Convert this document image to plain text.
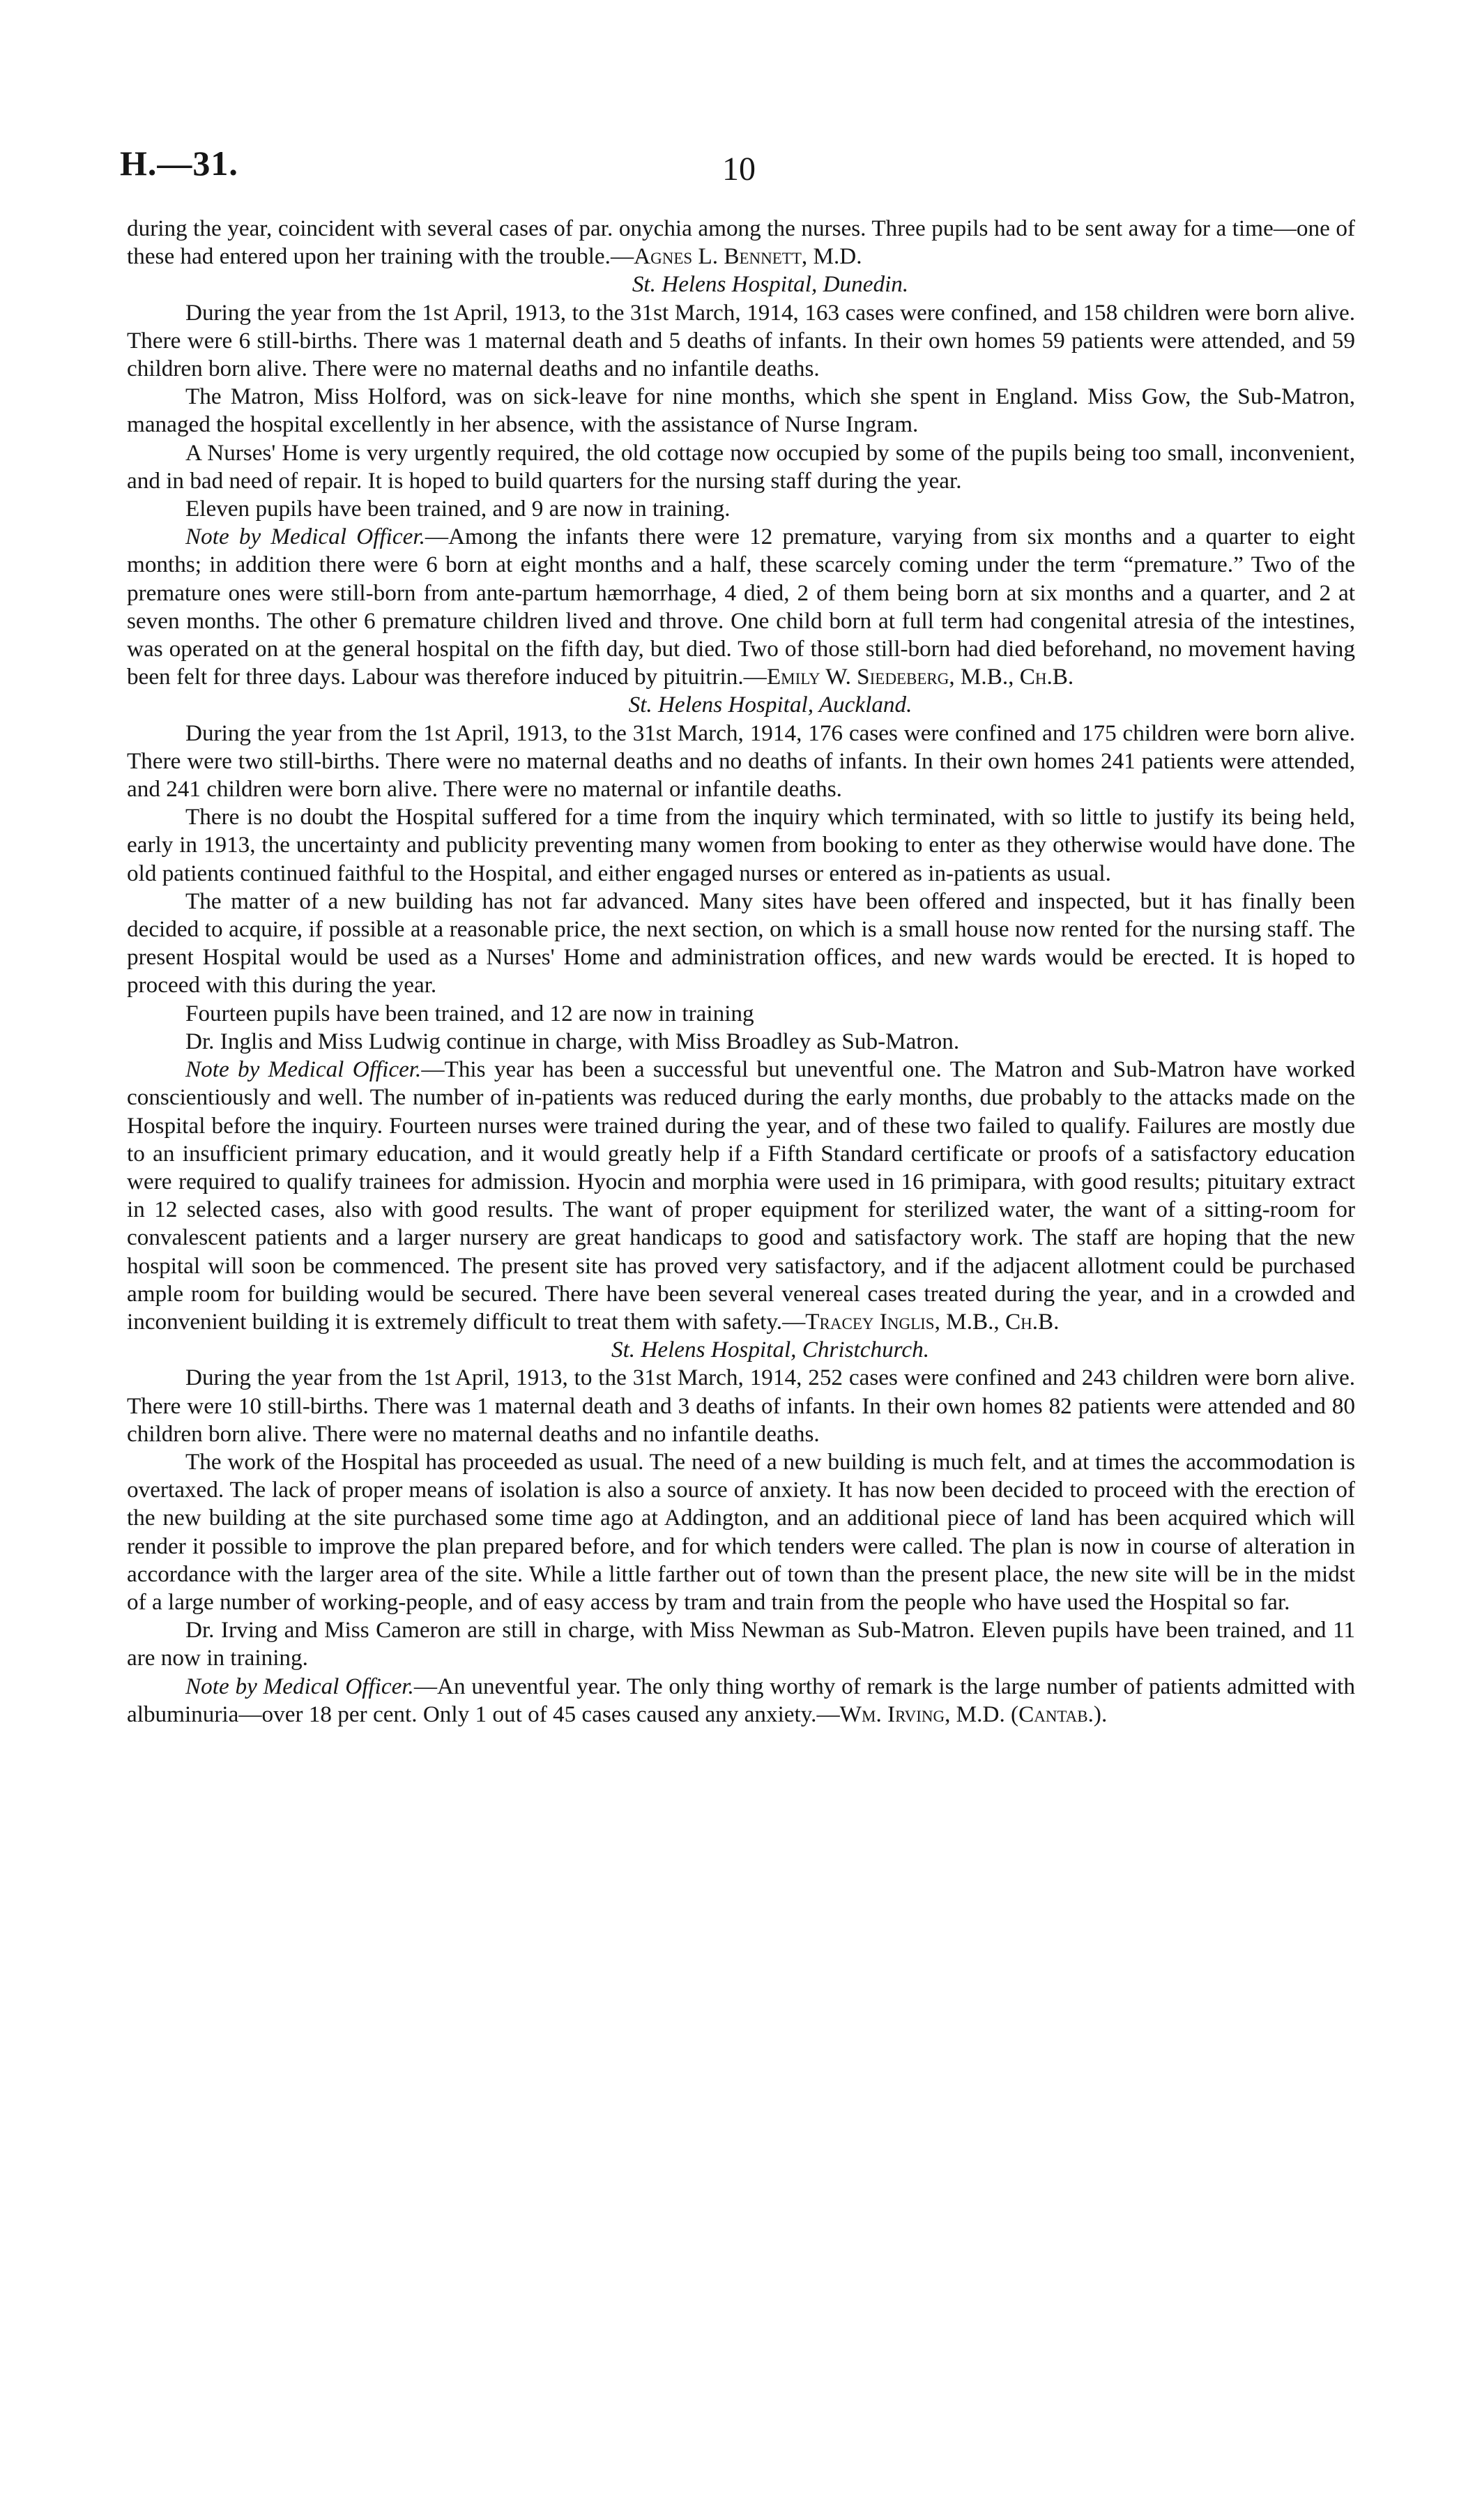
H.—31.	10

during the year, coincident with several cases of par. onychia among the nurses. Three pupils had to be sent away for a time—one of these had entered upon her training with the trouble.—Agnes L. Bennett, M.D.

St. Helens Hospital, Dunedin.

During the year from the 1st April, 1913, to the 31st March, 1914, 163 cases were confined, and 158 children were born alive. There were 6 still-births. There was 1 maternal death and 5 deaths of infants. In their own homes 59 patients were attended, and 59 children born alive. There were no maternal deaths and no infantile deaths.

The Matron, Miss Holford, was on sick-leave for nine months, which she spent in England. Miss Gow, the Sub-Matron, managed the hospital excellently in her absence, with the assistance of Nurse Ingram.

A Nurses' Home is very urgently required, the old cottage now occupied by some of the pupils being too small, inconvenient, and in bad need of repair. It is hoped to build quarters for the nursing staff during the year.

Eleven pupils have been trained, and 9 are now in training.

Note by Medical Officer.—Among the infants there were 12 premature, varying from six months and a quarter to eight months; in addition there were 6 born at eight months and a half, these scarcely coming under the term “premature.” Two of the premature ones were still-born from ante-partum hæmorrhage, 4 died, 2 of them being born at six months and a quarter, and 2 at seven months. The other 6 premature children lived and throve. One child born at full term had congenital atresia of the intestines, was operated on at the general hospital on the fifth day, but died. Two of those still-born had died beforehand, no movement having been felt for three days. Labour was therefore induced by pituitrin.—Emily W. Siedeberg, M.B., Ch.B.

St. Helens Hospital, Auckland.

During the year from the 1st April, 1913, to the 31st March, 1914, 176 cases were confined and 175 children were born alive. There were two still-births. There were no maternal deaths and no deaths of infants. In their own homes 241 patients were attended, and 241 children were born alive. There were no maternal or infantile deaths.

There is no doubt the Hospital suffered for a time from the inquiry which terminated, with so little to justify its being held, early in 1913, the uncertainty and publicity preventing many women from booking to enter as they otherwise would have done. The old patients continued faithful to the Hospital, and either engaged nurses or entered as in-patients as usual.

The matter of a new building has not far advanced. Many sites have been offered and inspected, but it has finally been decided to acquire, if possible at a reasonable price, the next section, on which is a small house now rented for the nursing staff. The present Hospital would be used as a Nurses' Home and administration offices, and new wards would be erected. It is hoped to proceed with this during the year.

Fourteen pupils have been trained, and 12 are now in training

Dr. Inglis and Miss Ludwig continue in charge, with Miss Broadley as Sub-Matron.

Note by Medical Officer.—This year has been a successful but uneventful one. The Matron and Sub-Matron have worked conscientiously and well. The number of in-patients was reduced during the early months, due probably to the attacks made on the Hospital before the inquiry. Fourteen nurses were trained during the year, and of these two failed to qualify. Failures are mostly due to an insufficient primary education, and it would greatly help if a Fifth Standard certificate or proofs of a satisfactory education were required to qualify trainees for admission. Hyocin and morphia were used in 16 primipara, with good results; pituitary extract in 12 selected cases, also with good results. The want of proper equipment for sterilized water, the want of a sitting-room for convalescent patients and a larger nursery are great handicaps to good and satisfactory work. The staff are hoping that the new hospital will soon be commenced. The present site has proved very satisfactory, and if the adjacent allotment could be purchased ample room for building would be secured. There have been several venereal cases treated during the year, and in a crowded and inconvenient building it is extremely difficult to treat them with safety.—Tracey Inglis, M.B., Ch.B.

St. Helens Hospital, Christchurch.

During the year from the 1st April, 1913, to the 31st March, 1914, 252 cases were confined and 243 children were born alive. There were 10 still-births. There was 1 maternal death and 3 deaths of infants. In their own homes 82 patients were attended and 80 children born alive. There were no maternal deaths and no infantile deaths.

The work of the Hospital has proceeded as usual. The need of a new building is much felt, and at times the accommodation is overtaxed. The lack of proper means of isolation is also a source of anxiety. It has now been decided to proceed with the erection of the new building at the site purchased some time ago at Addington, and an additional piece of land has been acquired which will render it possible to improve the plan prepared before, and for which tenders were called. The plan is now in course of alteration in accordance with the larger area of the site. While a little farther out of town than the present place, the new site will be in the midst of a large number of working-people, and of easy access by tram and train from the people who have used the Hospital so far.

Dr. Irving and Miss Cameron are still in charge, with Miss Newman as Sub-Matron. Eleven pupils have been trained, and 11 are now in training.

Note by Medical Officer.—An uneventful year. The only thing worthy of remark is the large number of patients admitted with albuminuria—over 18 per cent. Only 1 out of 45 cases caused any anxiety.—Wm. Irving, M.D. (Cantab.).
